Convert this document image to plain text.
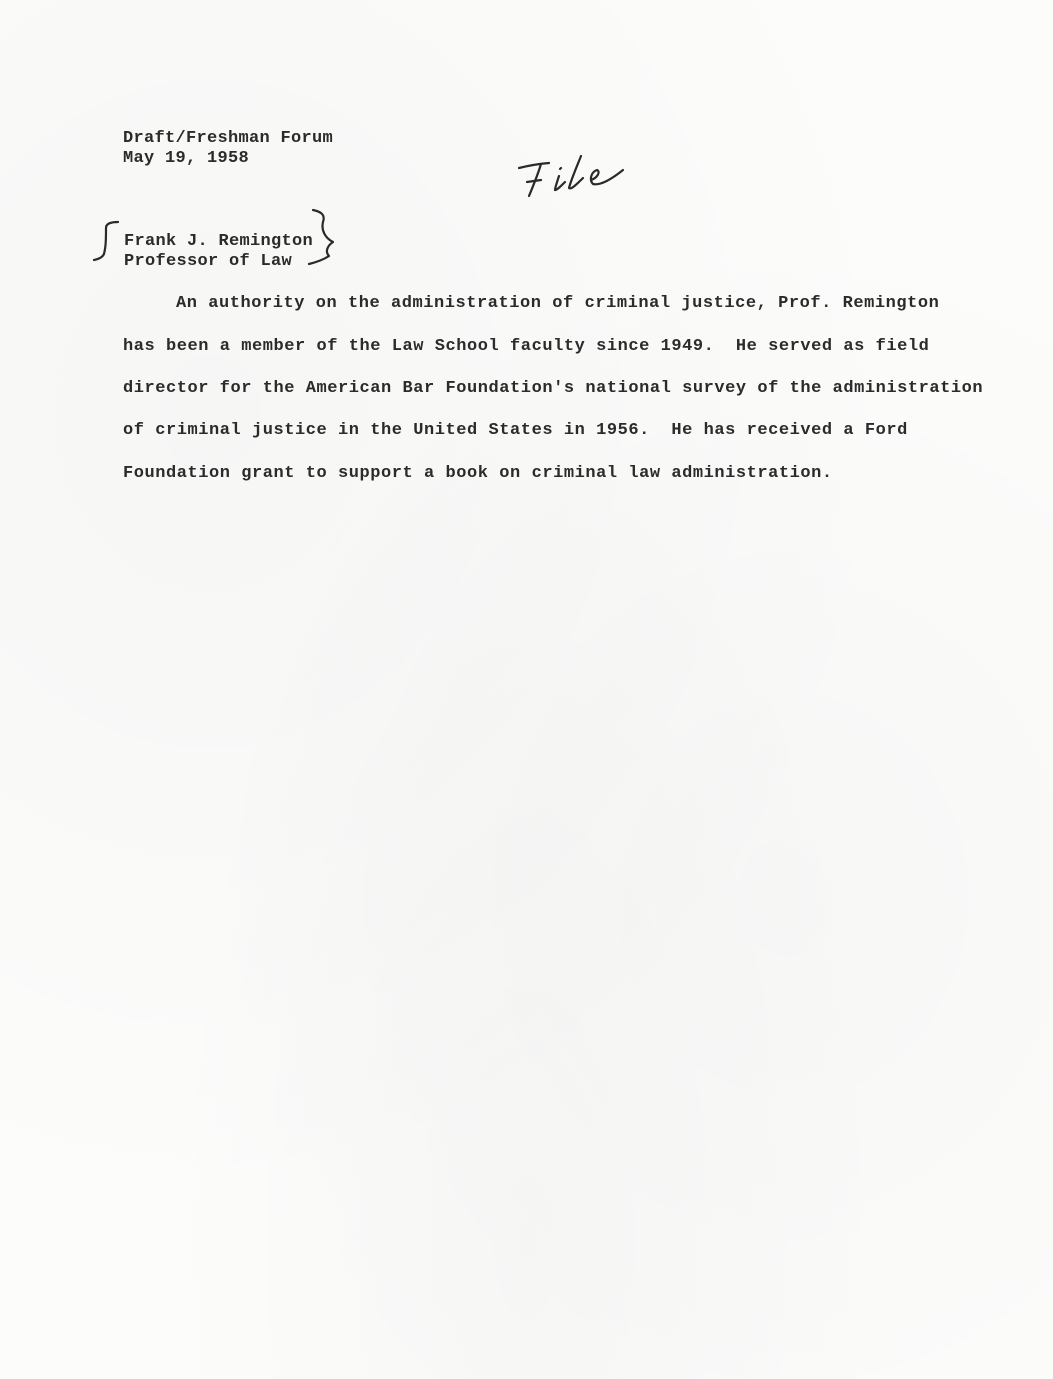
Draft/Freshman Forum
May 19, 1958
Frank J. Remington
Professor of Law
An authority on the administration of criminal justice, Prof. Remington
has been a member of the Law School faculty since 1949.  He served as field
director for the American Bar Foundation's national survey of the administration
of criminal justice in the United States in 1956.  He has received a Ford
Foundation grant to support a book on criminal law administration.
